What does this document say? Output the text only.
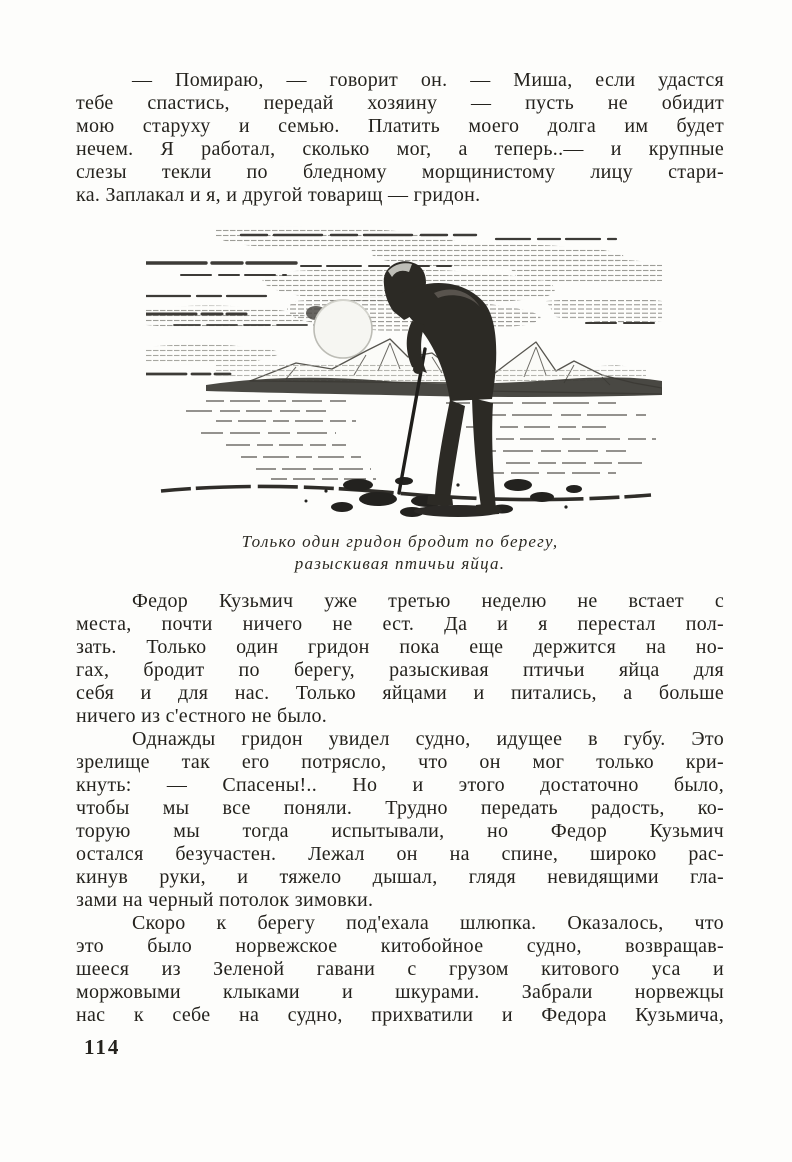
— Помираю, — говорит он. — Миша, если удастся
тебе спастись, передай хозяину — пусть не обидит
мою старуху и семью. Платить моего долга им будет
нечем. Я работал, сколько мог, а теперь..— и крупные
слезы текли по бледному морщинистому лицу стари-
ка. Заплакал и я, и другой товарищ — гридон.
Только один гридон бродит по берегу,
разыскивая птичьи яйца.
Федор Кузьмич уже третью неделю не встает с
места, почти ничего не ест. Да и я перестал пол-
зать. Только один гридон пока еще держится на но-
гах, бродит по берегу, разыскивая птичьи яйца для
себя и для нас. Только яйцами и питались, а больше
ничего из с'естного не было.
Однажды гридон увидел судно, идущее в губу. Это
зрелище так его потрясло, что он мог только кри-
кнуть: — Спасены!.. Но и этого достаточно было,
чтобы мы все поняли. Трудно передать радость, ко-
торую мы тогда испытывали, но Федор Кузьмич
остался безучастен. Лежал он на спине, широко рас-
кинув руки, и тяжело дышал, глядя невидящими гла-
зами на черный потолок зимовки.
Скоро к берегу под'ехала шлюпка. Оказалось, что
это было норвежское китобойное судно, возвращав-
шееся из Зеленой гавани с грузом китового уса и
моржовыми клыками и шкурами. Забрали норвежцы
нас к себе на судно, прихватили и Федора Кузьмича,
114
